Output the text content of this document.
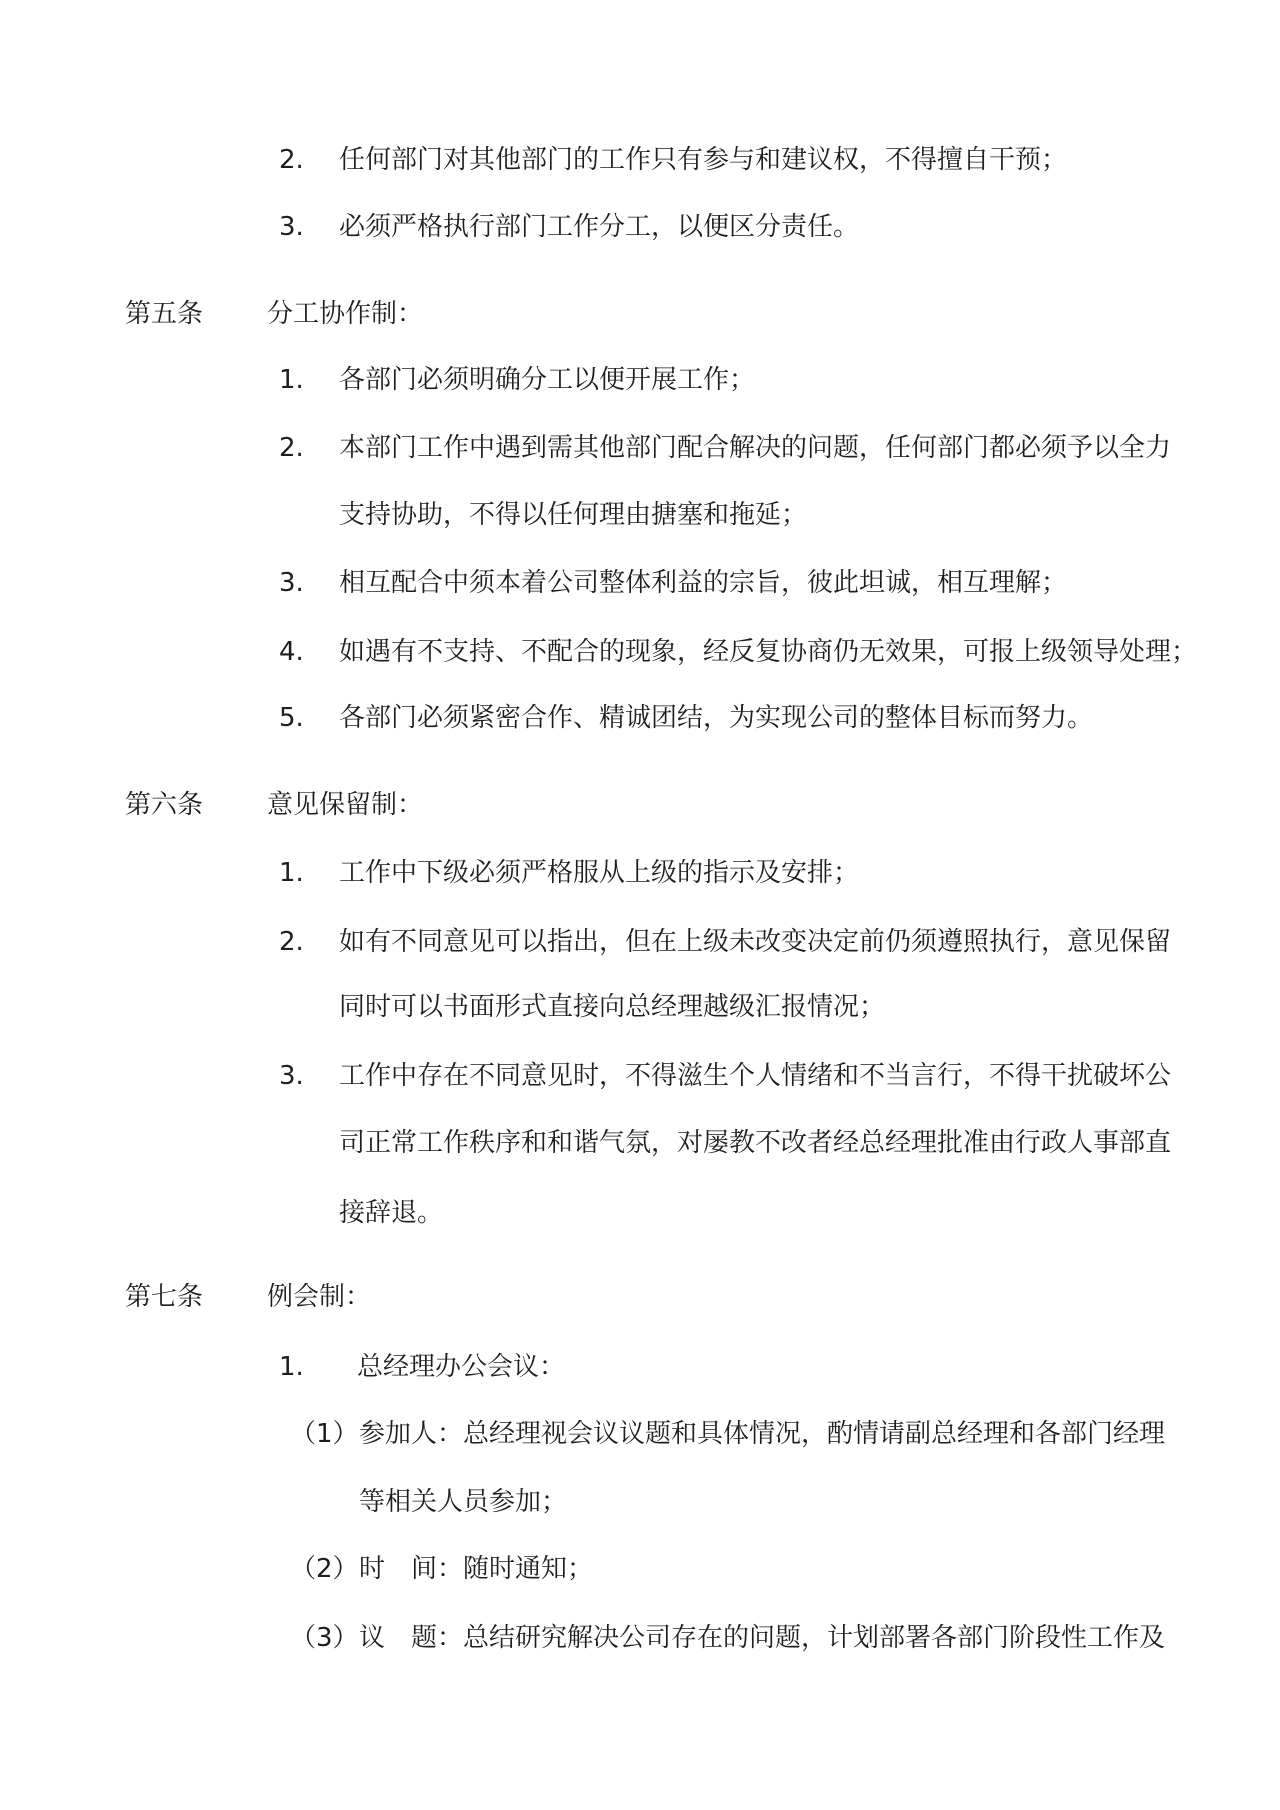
2. 任何部门对其他部门的工作只有参与和建议权，不得擅自干预；
3. 必须严格执行部门工作分工，以便区分责任。
第五条 分工协作制：
1. 各部门必须明确分工以便开展工作；
2. 本部门工作中遇到需其他部门配合解决的问题，任何部门都必须予以全力
支持协助，不得以任何理由搪塞和拖延；
3. 相互配合中须本着公司整体利益的宗旨，彼此坦诚，相互理解；
4. 如遇有不支持、不配合的现象，经反复协商仍无效果，可报上级领导处理；
5. 各部门必须紧密合作、精诚团结，为实现公司的整体目标而努力。
第六条 意见保留制：
1. 工作中下级必须严格服从上级的指示及安排；
2. 如有不同意见可以指出，但在上级未改变决定前仍须遵照执行，意见保留
同时可以书面形式直接向总经理越级汇报情况；
3. 工作中存在不同意见时，不得滋生个人情绪和不当言行，不得干扰破坏公
司正常工作秩序和和谐气氛，对屡教不改者经总经理批准由行政人事部直
接辞退。
第七条 例会制：
1. 总经理办公会议：
（1） 参加人：总经理视会议议题和具体情况，酌情请副总经理和各部门经理
等相关人员参加；
（2） 时　间：随时通知；
（3） 议　题：总结研究解决公司存在的问题，计划部署各部门阶段性工作及
